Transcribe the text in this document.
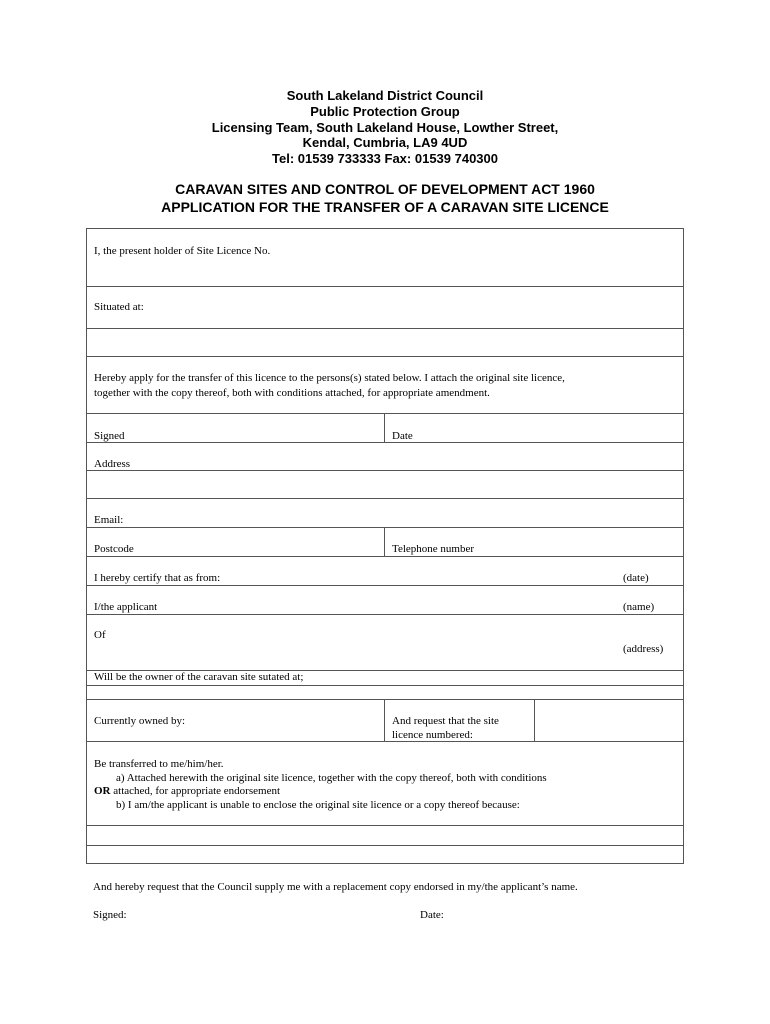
South Lakeland District Council
Public Protection Group
Licensing Team, South Lakeland House, Lowther Street,
Kendal, Cumbria, LA9 4UD
Tel: 01539 733333 Fax: 01539 740300
CARAVAN SITES AND CONTROL OF DEVELOPMENT ACT 1960
APPLICATION FOR THE TRANSFER OF A CARAVAN SITE LICENCE
I, the present holder of Site Licence No.
Situated at:
Hereby apply for the transfer of this licence to the persons(s) stated below. I attach the original site licence,
together with the copy thereof, both with conditions attached, for appropriate amendment.
Signed	Date
Address
Email:
Postcode	Telephone number
I hereby certify that as from:	(date)
I/the applicant	(name)
Of
(address)
Will be the owner of the caravan site sutated at;
Currently owned by:	And request that the site
licence numbered:
Be transferred to me/him/her.
a) Attached herewith the original site licence, together with the copy thereof, both with conditions
OR attached, for appropriate endorsement
b) I am/the applicant is unable to enclose the original site licence or a copy thereof because:
And hereby request that the Council supply me with a replacement copy endorsed in my/the applicant’s name.
Signed:	Date:
